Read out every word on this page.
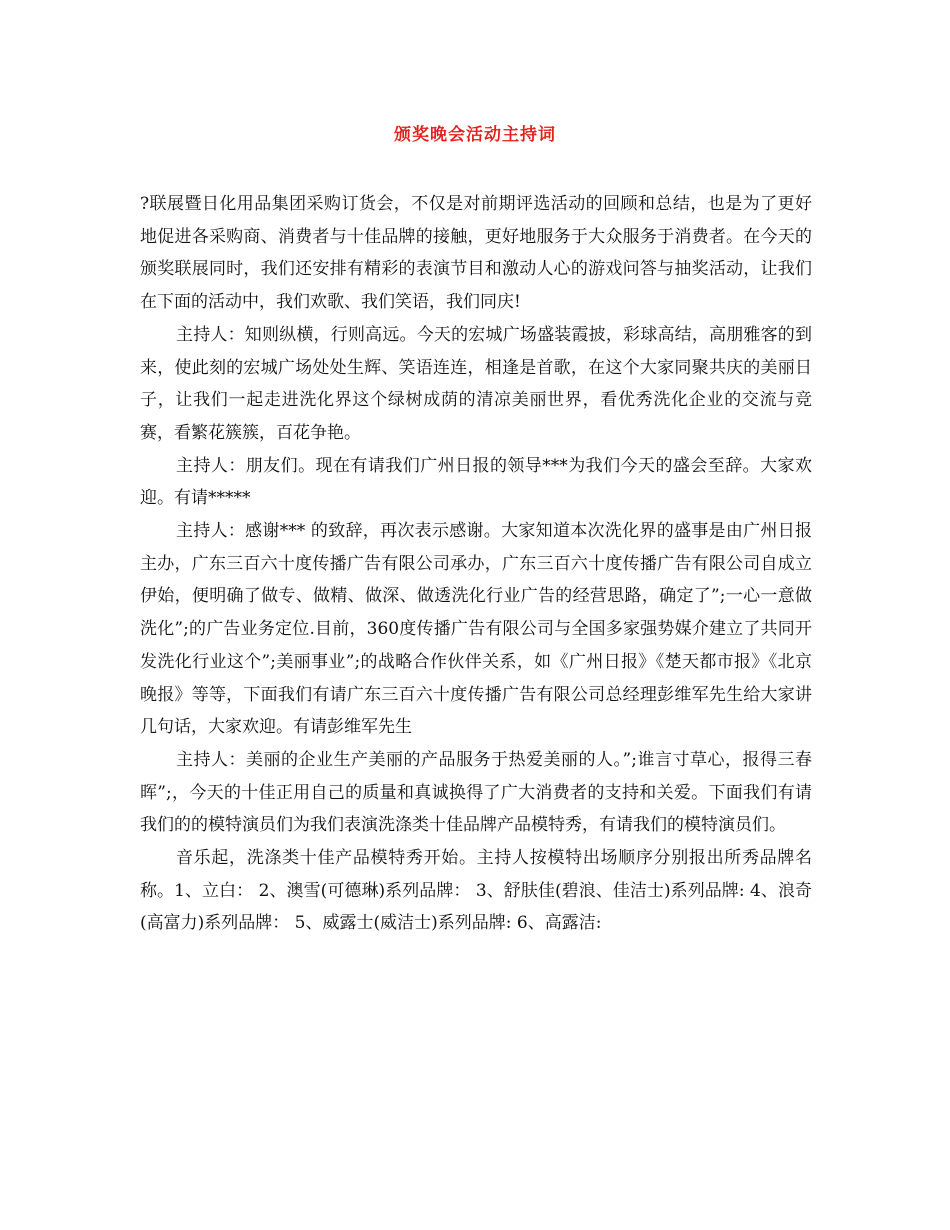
颁奖晚会活动主持词

?联展暨日化用品集团采购订货会，不仅是对前期评选活动的回顾和总结，也是为了更好地促进各采购商、消费者与十佳品牌的接触，更好地服务于大众服务于消费者。在今天的颁奖联展同时，我们还安排有精彩的表演节目和激动人心的游戏问答与抽奖活动，让我们在下面的活动中，我们欢歌、我们笑语，我们同庆!

主持人：知则纵横，行则高远。今天的宏城广场盛装霞披，彩球高结，高朋雅客的到来，使此刻的宏城广场处处生辉、笑语连连，相逢是首歌，在这个大家同聚共庆的美丽日子，让我们一起走进洗化界这个绿树成荫的清凉美丽世界，看优秀洗化企业的交流与竞赛，看繁花簇簇，百花争艳。

主持人：朋友们。现在有请我们广州日报的领导***为我们今天的盛会至辞。大家欢迎。有请*****

主持人：感谢*** 的致辞，再次表示感谢。大家知道本次洗化界的盛事是由广州日报主办，广东三百六十度传播广告有限公司承办，广东三百六十度传播广告有限公司自成立伊始，便明确了做专、做精、做深、做透洗化行业广告的经营思路，确定了”;一心一意做洗化”;的广告业务定位.目前，360度传播广告有限公司与全国多家强势媒介建立了共同开发洗化行业这个”;美丽事业”;的战略合作伙伴关系，如《广州日报》《楚天都市报》《北京晚报》等等，下面我们有请广东三百六十度传播广告有限公司总经理彭维军先生给大家讲几句话，大家欢迎。有请彭维军先生

主持人：美丽的企业生产美丽的产品服务于热爱美丽的人。”;谁言寸草心，报得三春晖”;，今天的十佳正用自己的质量和真诚换得了广大消费者的支持和关爱。下面我们有请我们的的模特演员们为我们表演洗涤类十佳品牌产品模特秀，有请我们的模特演员们。

音乐起，洗涤类十佳产品模特秀开始。主持人按模特出场顺序分别报出所秀品牌名称。1、立白： 2、澳雪(可德琳)系列品牌： 3、舒肤佳(碧浪、佳洁士)系列品牌: 4、浪奇(高富力)系列品牌： 5、威露士(威洁士)系列品牌: 6、高露洁:
